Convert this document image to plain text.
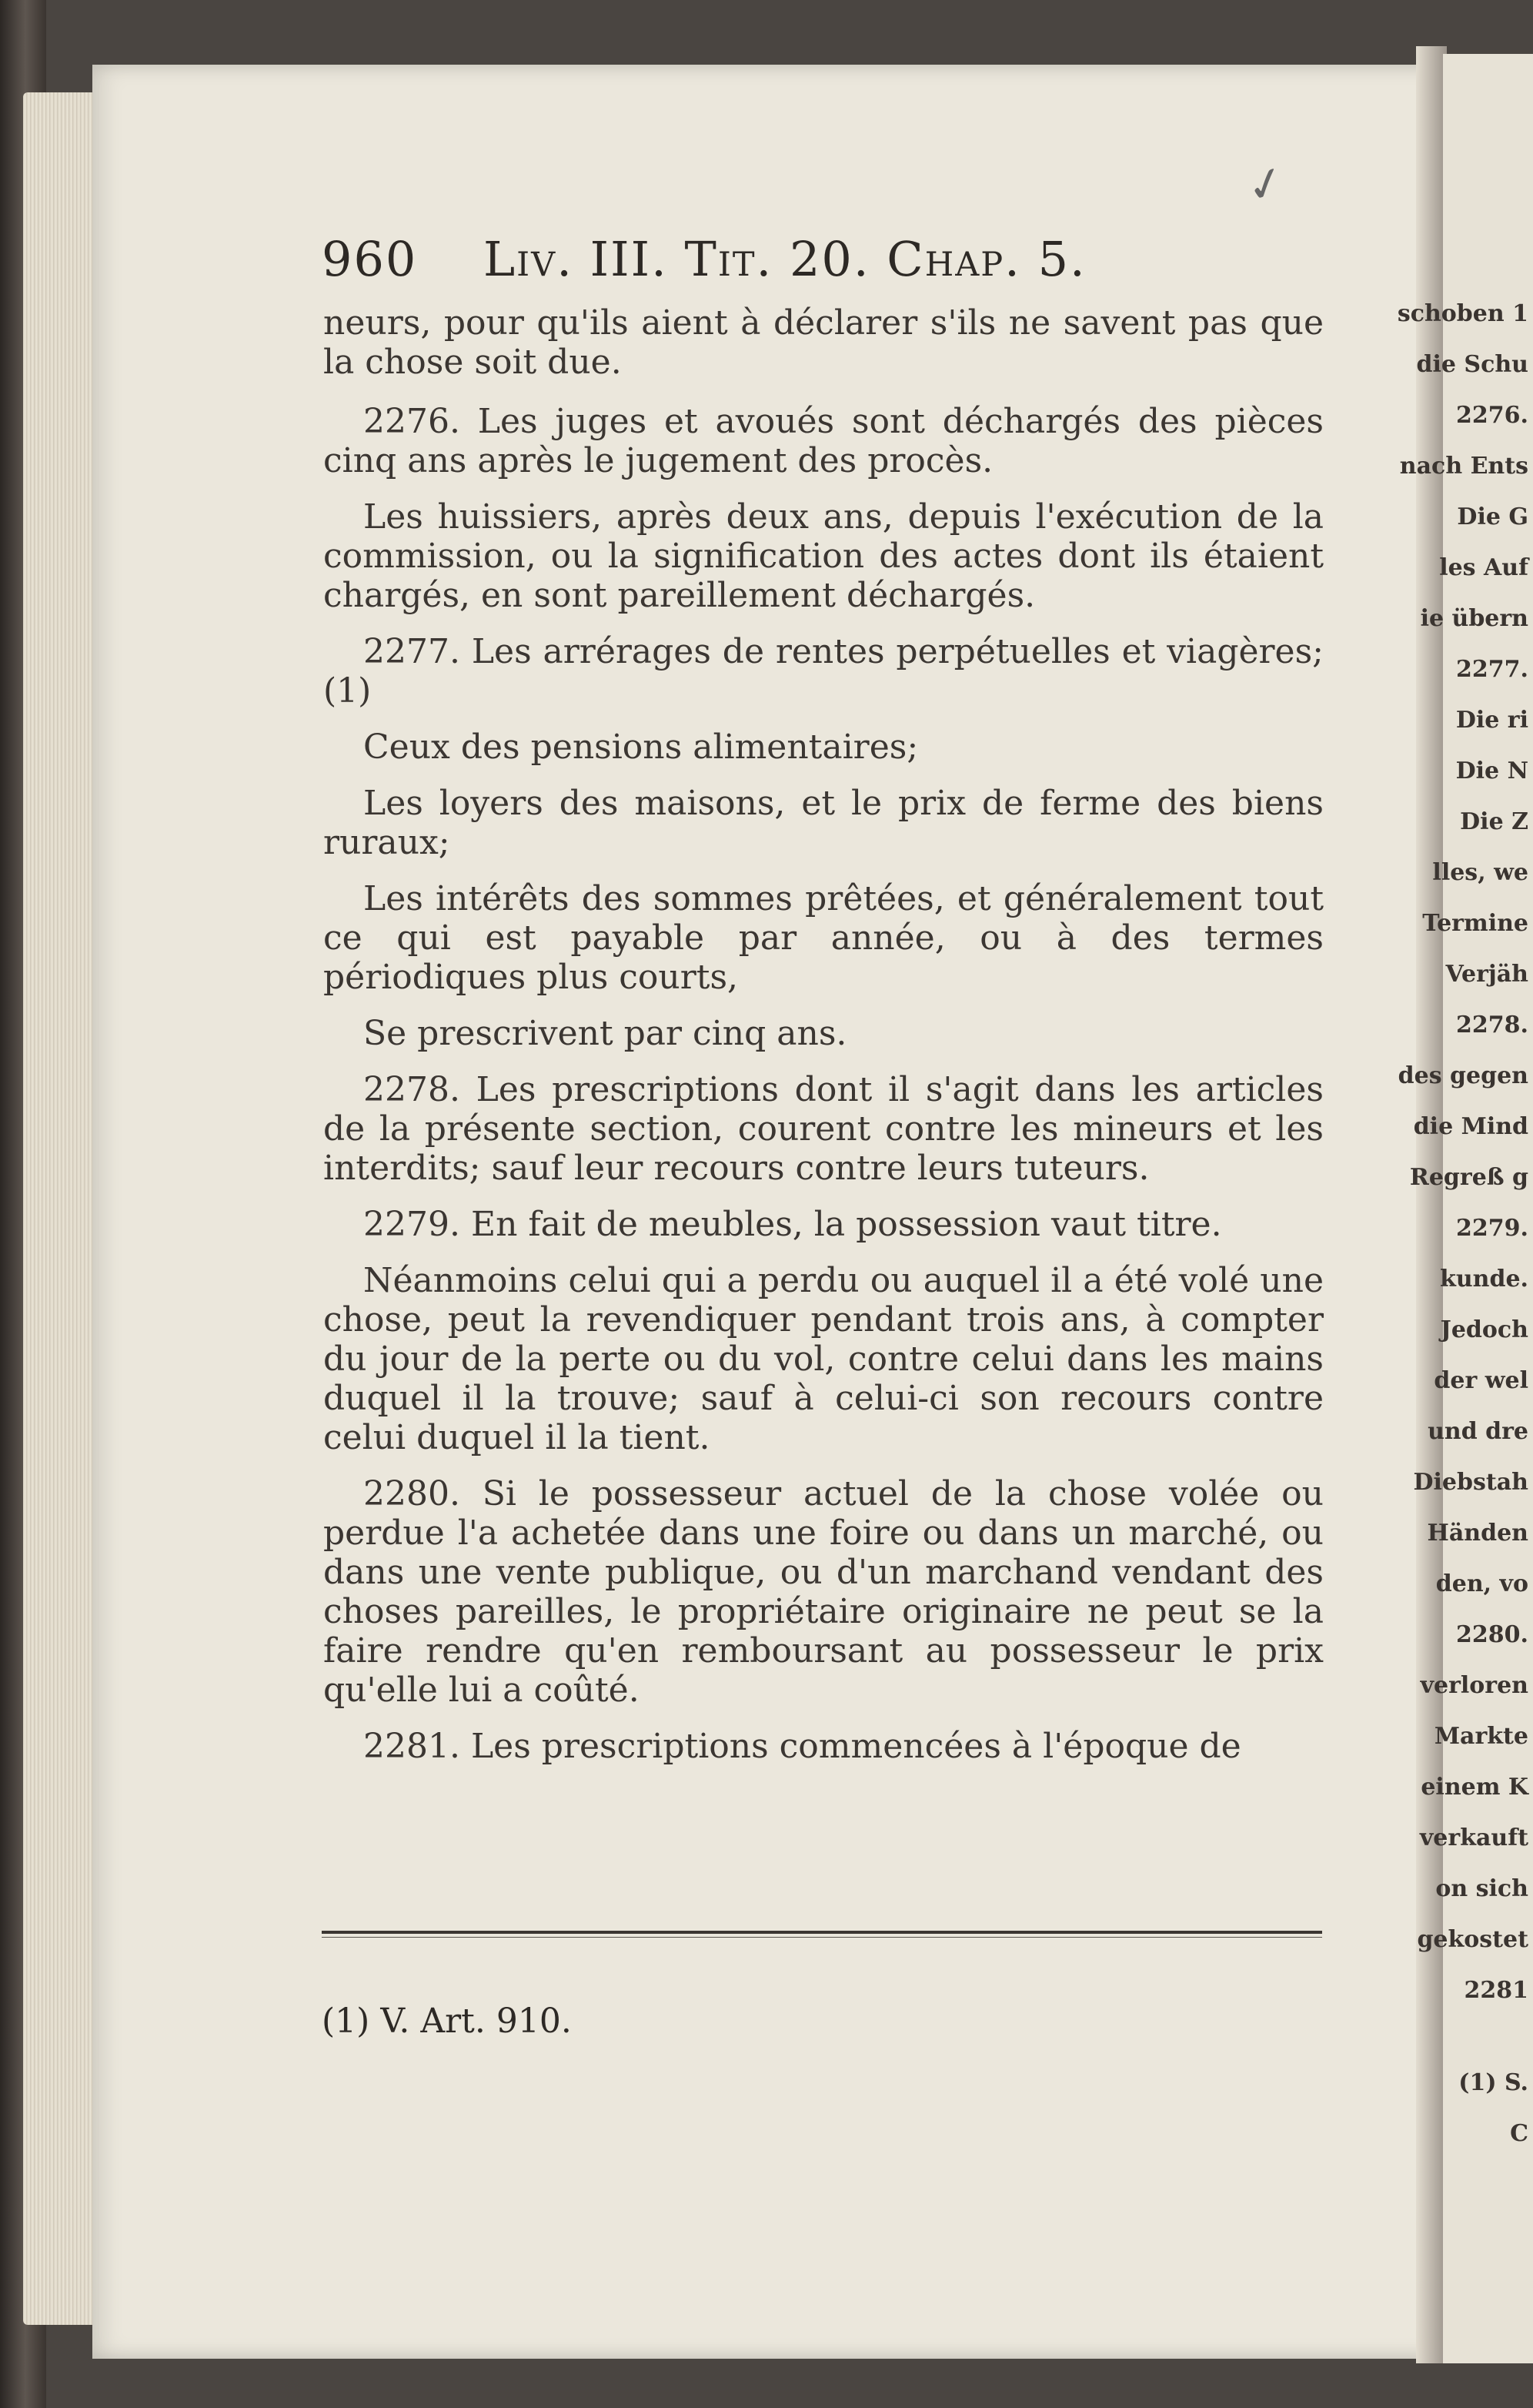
schoben 1
die Schu
2276.
nach Ents
Die G
les Auf
ie übern
2277.
Die ri
Die N
Die Z
lles, we
Termine
Verjäh
2278.
des gegen
die Mind
Regreß g
2279.
kunde.
Jedoch
der wel
und dre
Diebstah
Händen
den, vo
2280.
verloren
Markte
einem K
verkauft
on sich
gekostet
2281
(1) S.
C
✓
960 Liv. III. Tit. 20. Chap. 5.

neurs, pour qu'ils aient à déclarer s'ils ne savent pas que la chose soit due.

2276. Les juges et avoués sont déchargés des pièces cinq ans après le jugement des procès.

Les huissiers, après deux ans, depuis l'exécution de la commission, ou la signification des actes dont ils étaient chargés, en sont pareillement déchargés.

2277. Les arrérages de rentes perpétuelles et viagères; (1)

Ceux des pensions alimentaires;

Les loyers des maisons, et le prix de ferme des biens ruraux;

Les intérêts des sommes prêtées, et généralement tout ce qui est payable par année, ou à des termes périodiques plus courts,

Se prescrivent par cinq ans.

2278. Les prescriptions dont il s'agit dans les articles de la présente section, courent contre les mineurs et les interdits; sauf leur recours contre leurs tuteurs.

2279. En fait de meubles, la possession vaut titre.

Néanmoins celui qui a perdu ou auquel il a été volé une chose, peut la revendiquer pendant trois ans, à compter du jour de la perte ou du vol, contre celui dans les mains duquel il la trouve; sauf à celui-ci son recours contre celui duquel il la tient.

2280. Si le possesseur actuel de la chose volée ou perdue l'a achetée dans une foire ou dans un marché, ou dans une vente publique, ou d'un marchand vendant des choses pareilles, le propriétaire originaire ne peut se la faire rendre qu'en remboursant au possesseur le prix qu'elle lui a coûté.

2281. Les prescriptions commencées à l'époque de

(1) V. Art. 910.
